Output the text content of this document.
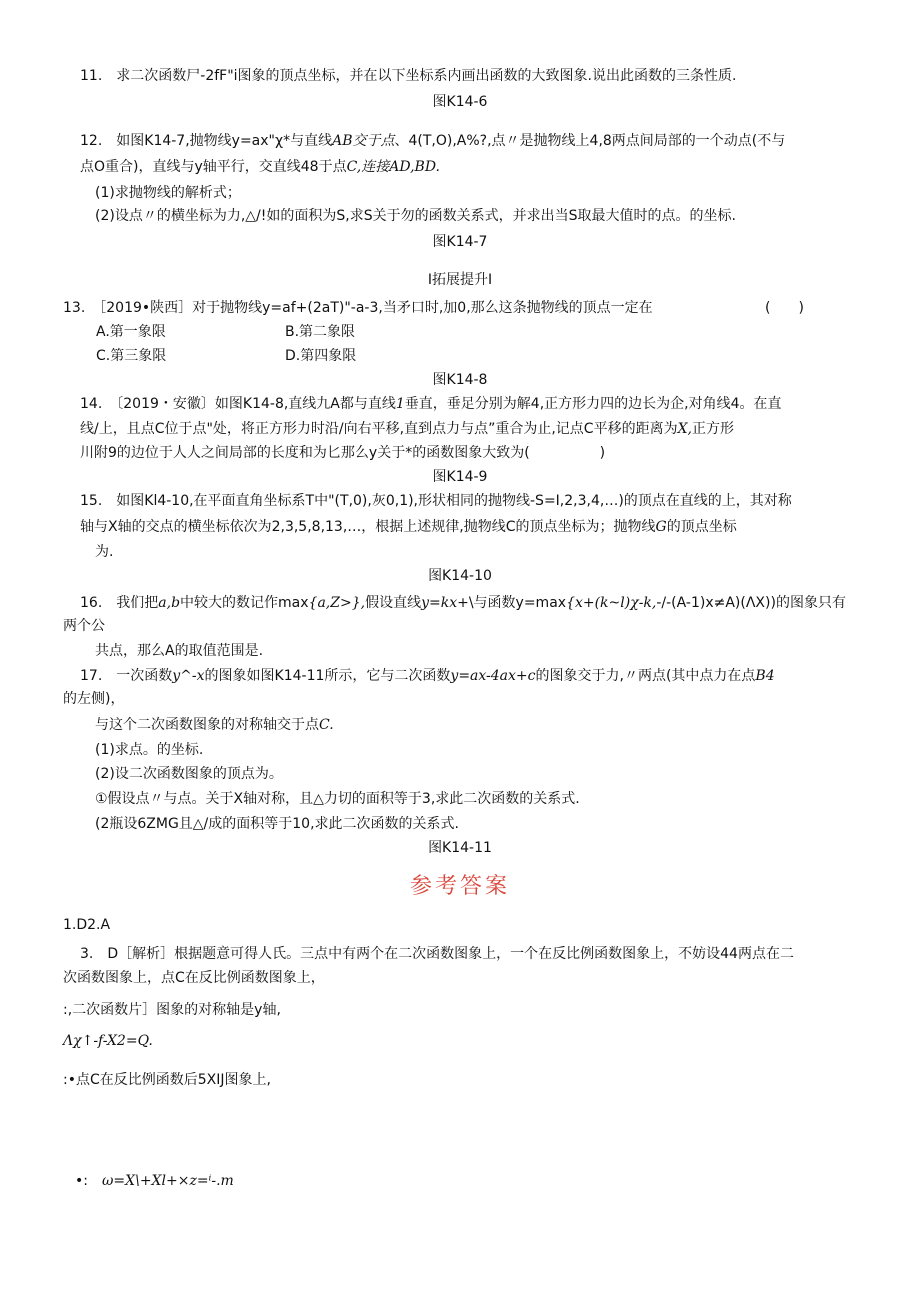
11.　求二次函数尸-2fF"i图象的顶点坐标，并在以下坐标系内画出函数的大致图象.说出此函数的三条性质.
图K14-6
12.　如图K14-7,抛物线y=ax"χ*与直线AB交于点、4(T,O),A%?,点〃是抛物线上4,8两点间局部的一个动点(不与
点O重合)，直线与y轴平行，交直线48于点C,连接AD,BD.
(1)求抛物线的解析式；
(2)设点〃的横坐标为力,△/!如的面积为S,求S关于勿的函数关系式，并求出当S取最大值时的点。的坐标.
图K14-7
I拓展提升I
13.　［2019•陕西］对于抛物线y=af+(2aT)"-a-3,当矛口时,加0,那么这条抛物线的顶点一定在	(　　)
A.第一象限	B.第二象限
C.第三象限	D.第四象限
图K14-8
14.　〔2019・安徽〕如图K14-8,直线九A都与直线1垂直，垂足分别为解4,正方形力四的边长为企,对角线4。在直
线/上，且点C位于点"处，将正方形力时沿/向右平移,直到点力与点”重合为止,记点C平移的距离为X,正方形
川附9的边位于人人之间局部的长度和为匕那么y关于*的函数图象大致为(　　　　　)
图K14-9
15.　如图Kl4-10,在平面直角坐标系T中"(T,0),灰0,1),形状相同的抛物线-S=I,2,3,4,…)的顶点在直线的上，其对称
轴与X轴的交点的横坐标依次为2,3,5,8,13,…，根据上述规律,抛物线C的顶点坐标为；抛物线G的顶点坐标
为.
图K14-10
16.　我们把a,b中较大的数记作max{a,Z>},假设直线y=kx+\与函数y=max{x+(k~l)χ-k,-/-(A-1)x≠A)(ΛX))的图象只有
两个公
共点，那么A的取值范围是.
17.　一次函数y^-x的图象如图K14-11所示，它与二次函数y=ax-4ax+c的图象交于力,〃两点(其中点力在点B4
的左侧)，
与这个二次函数图象的对称轴交于点C.
(1)求点。的坐标.
(2)设二次函数图象的顶点为。
①假设点〃与点。关于X轴对称，且△力切的面积等于3,求此二次函数的关系式.
(2瓶设6ZMG且△/成的面积等于10,求此二次函数的关系式.
图K14-11
参考答案
1.D2.A
3.　D［解析］根据题意可得人氏。三点中有两个在二次函数图象上，一个在反比例函数图象上，不妨设44两点在二
次函数图象上，点C在反比例函数图象上，
:,二次函数片］图象的对称轴是y轴,
Λχ↑-f-X2=Q.
:•点C在反比例函数后5XIJ图象上,
•: ω=X\+Xl+×z=ⁱ-.m
